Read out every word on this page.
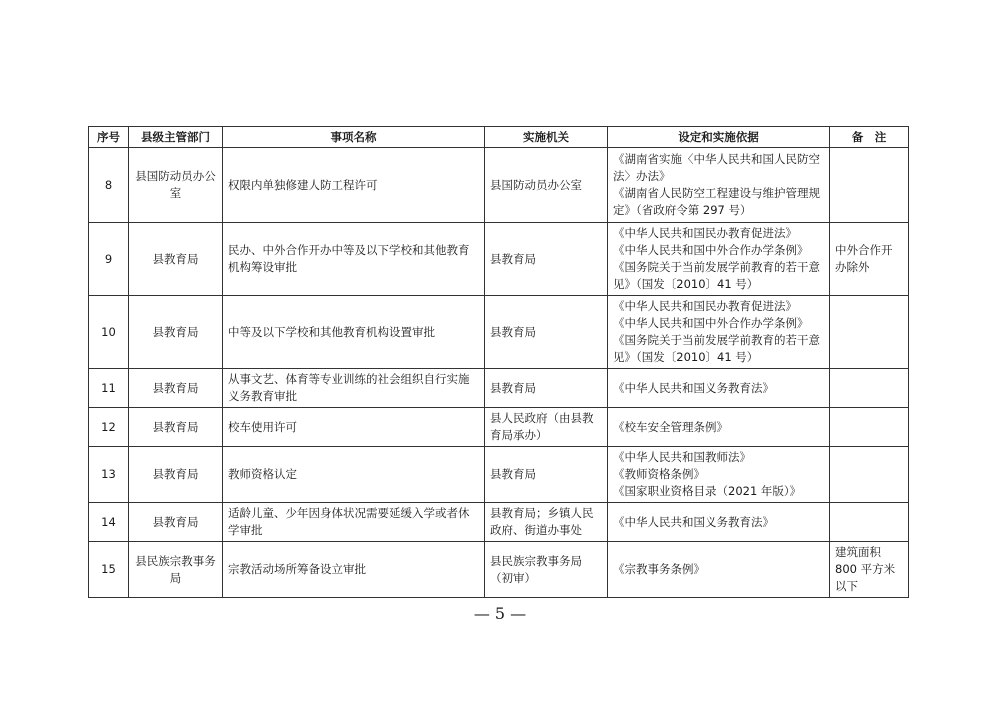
序号	县级主管部门	事项名称	实施机关	设定和实施依据	备　注
8	县国防动员办公室	权限内单独修建人防工程许可	县国防动员办公室	《湖南省实施〈中华人民共和国人民防空法〉办法》
《湖南省人民防空工程建设与维护管理规定》（省政府令第 297 号）	

9	县教育局	民办、中外合作开办中等及以下学校和其他教育机构筹设审批	县教育局	《中华人民共和国民办教育促进法》
《中华人民共和国中外合作办学条例》
《国务院关于当前发展学前教育的若干意见》（国发〔2010〕41 号）	中外合作开办除外
10	县教育局	中等及以下学校和其他教育机构设置审批	县教育局	《中华人民共和国民办教育促进法》
《中华人民共和国中外合作办学条例》
《国务院关于当前发展学前教育的若干意见》（国发〔2010〕41 号）	

11	县教育局	从事文艺、体育等专业训练的社会组织自行实施义务教育审批	县教育局	《中华人民共和国义务教育法》	

12	县教育局	校车使用许可	县人民政府（由县教育局承办）	《校车安全管理条例》	

13	县教育局	教师资格认定	县教育局	《中华人民共和国教师法》
《教师资格条例》
《国家职业资格目录（2021 年版）》	

14	县教育局	适龄儿童、少年因身体状况需要延缓入学或者休学审批	县教育局；乡镇人民政府、街道办事处	《中华人民共和国义务教育法》	

15	县民族宗教事务局	宗教活动场所筹备设立审批	县民族宗教事务局（初审）	《宗教事务条例》	建筑面积 800 平方米以下
— 5 —
